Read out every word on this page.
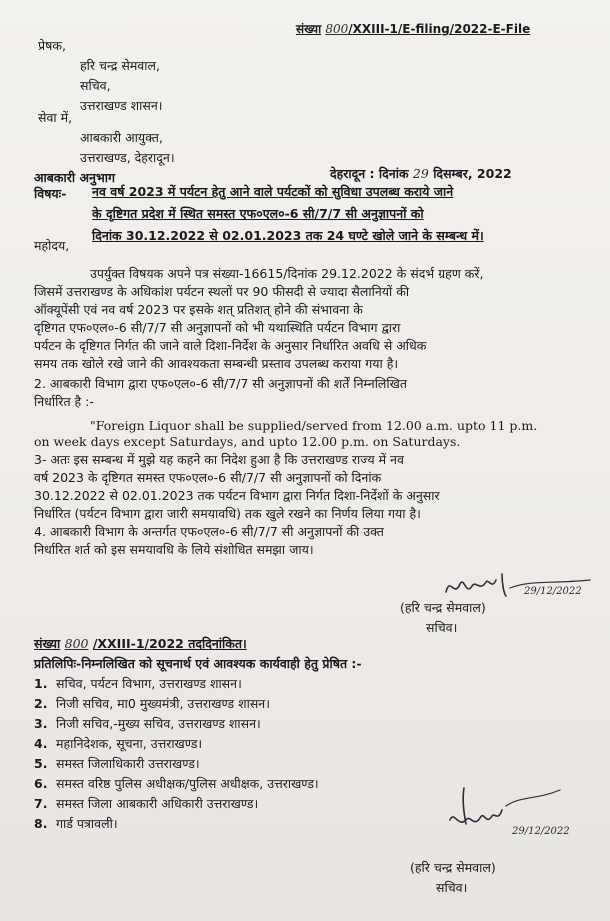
संख्या 800/XXIII-1/E-filing/2022-E-File
प्रेषक,
हरि चन्द्र सेमवाल,
सचिव,
उत्तराखण्ड शासन।
सेवा में,
आबकारी आयुक्त,
उत्तराखण्ड, देहरादून।
आबकारी अनुभाग	देहरादून : दिनांक 29 दिसम्बर, 2022
विषयः- नव वर्ष 2023 में पर्यटन हेतु आने वाले पर्यटकों को सुविधा उपलब्ध कराये जाने
के दृष्टिगत प्रदेश में स्थित समस्त एफ०एल०-6 सी/7/7 सी अनुज्ञापनों को
दिनांक 30.12.2022 से 02.01.2023 तक 24 घण्टे खोले जाने के सम्बन्ध में।
महोदय,
उपर्युक्त विषयक अपने पत्र संख्या-16615/दिनांक 29.12.2022 के संदर्भ ग्रहण करें,
जिसमें उत्तराखण्ड के अधिकांश पर्यटन स्थलों पर 90 फीसदी से ज्यादा सैलानियों की
ऑक्यूपेंसी एवं नव वर्ष 2023 पर इसके शत् प्रतिशत् होने की संभावना के
दृष्टिगत एफ०एल०-6 सी/7/7 सी अनुज्ञापनों को भी यथास्थिति पर्यटन विभाग द्वारा
पर्यटन के दृष्टिगत निर्गत की जाने वाले दिशा-निर्देश के अनुसार निर्धारित अवधि से अधिक
समय तक खोले रखे जाने की आवश्यकता सम्बन्धी प्रस्ताव उपलब्ध कराया गया है।
2. आबकारी विभाग द्वारा एफ०एल०-6 सी/7/7 सी अनुज्ञापनों की शर्तें निम्नलिखित
निर्धारित है :-
"Foreign Liquor shall be supplied/served from 12.00 a.m. upto 11 p.m.
on week days except Saturdays, and upto 12.00 p.m. on Saturdays.
3- अतः इस सम्बन्ध में मुझे यह कहने का निदेश हुआ है कि उत्तराखण्ड राज्य में नव
वर्ष 2023 के दृष्टिगत समस्त एफ०एल०-6 सी/7/7 सी अनुज्ञापनों को दिनांक
30.12.2022 से 02.01.2023 तक पर्यटन विभाग द्वारा निर्गत दिशा-निर्देशों के अनुसार
निर्धारित (पर्यटन विभाग द्वारा जारी समयावधि) तक खुले रखने का निर्णय लिया गया है।
4. आबकारी विभाग के अन्तर्गत एफ०एल०-6 सी/7/7 सी अनुज्ञापनों की उक्त
निर्धारित शर्त को इस समयावधि के लिये संशोधित समझा जाय।
29/12/2022
(हरि चन्द्र सेमवाल)
सचिव।
संख्या 800 /XXIII-1/2022 तददिनांकित।
प्रतिलिपिः-निम्नलिखित को सूचनार्थ एवं आवश्यक कार्यवाही हेतु प्रेषित :-
1. सचिव, पर्यटन विभाग, उत्तराखण्ड शासन।
2. निजी सचिव, मा0 मुख्यमंत्री, उत्तराखण्ड शासन।
3. निजी सचिव,-मुख्य सचिव, उत्तराखण्ड शासन।
4. महानिदेशक, सूचना, उत्तराखण्ड।
5. समस्त जिलाधिकारी उत्तराखण्ड।
6. समस्त वरिष्ठ पुलिस अधीक्षक/पुलिस अधीक्षक, उत्तराखण्ड।
7. समस्त जिला आबकारी अधिकारी उत्तराखण्ड।
8. गार्ड पत्रावली।
29/12/2022
(हरि चन्द्र सेमवाल)
सचिव।
